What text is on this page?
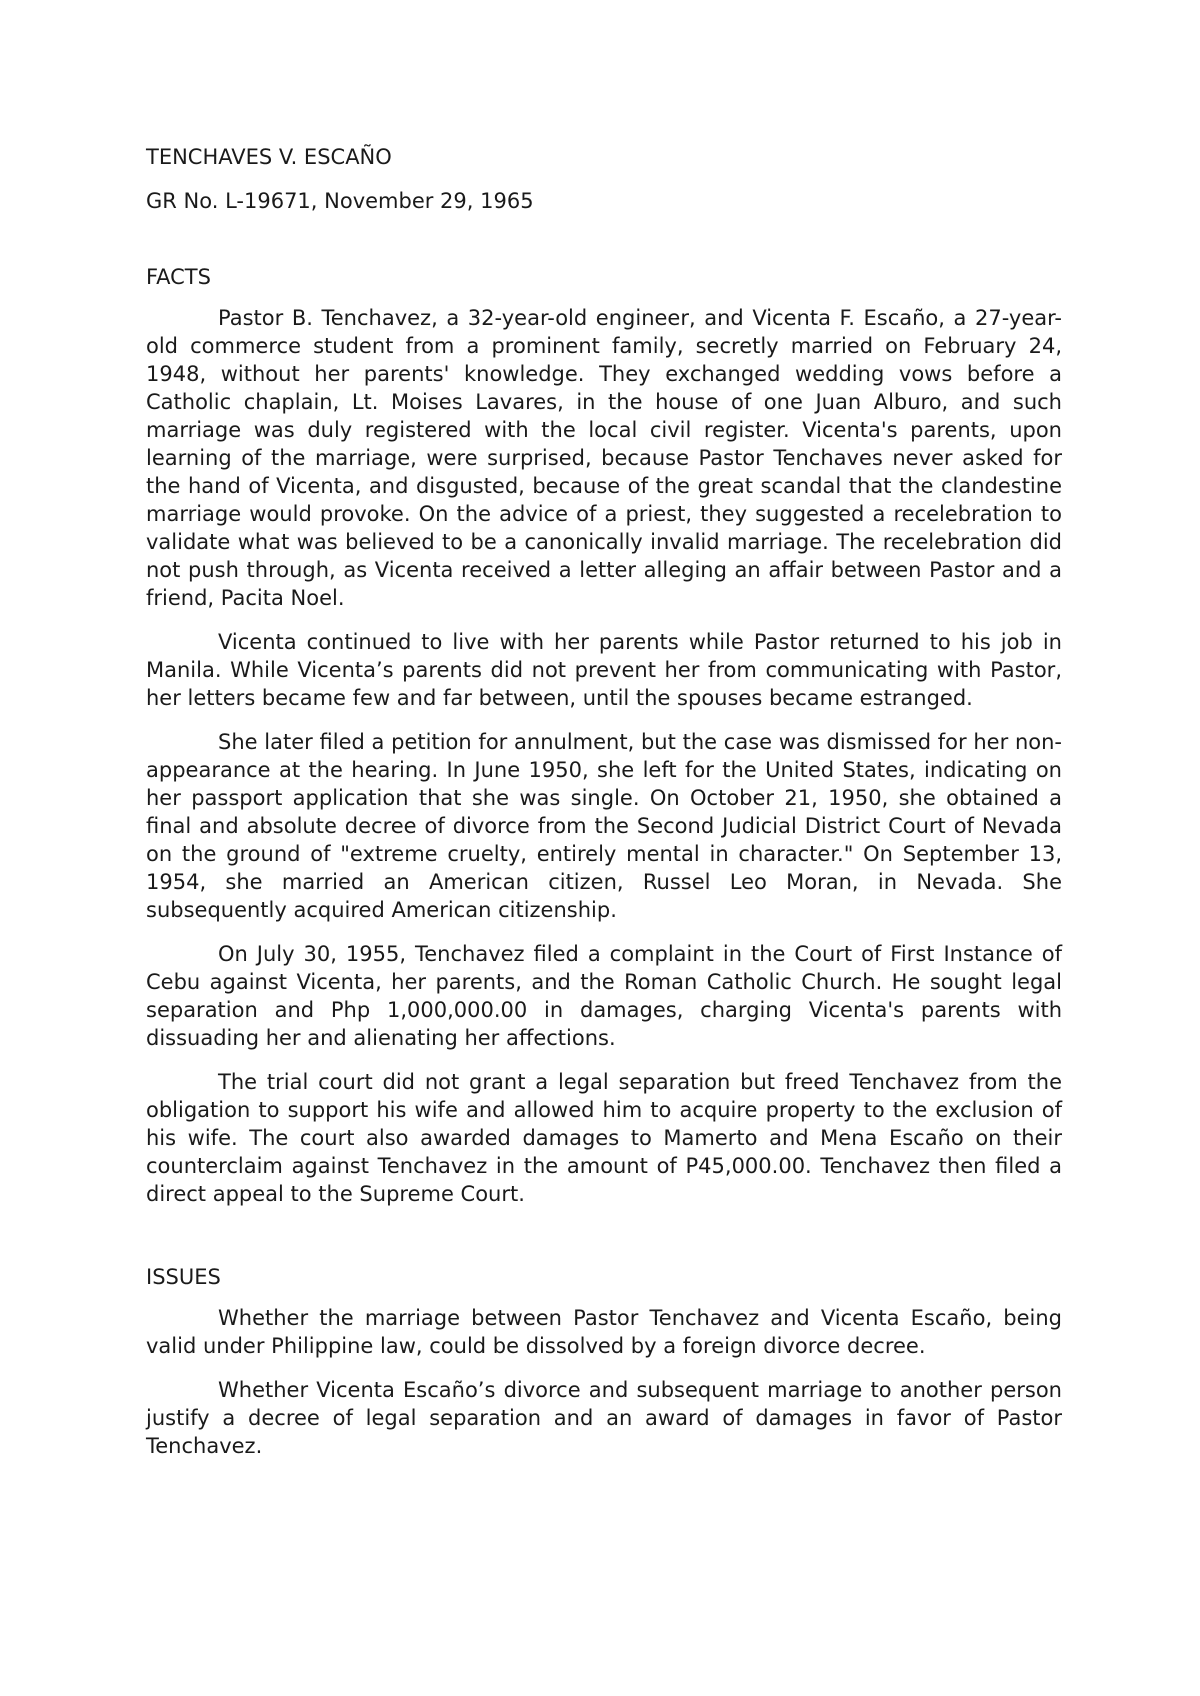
TENCHAVES V. ESCAÑO
GR No. L-19671, November 29, 1965
FACTS

Pastor B. Tenchavez, a 32-year-old engineer, and Vicenta F. Escaño, a 27-year-old commerce student from a prominent family, secretly married on February 24, 1948, without her parents' knowledge. They exchanged wedding vows before a Catholic chaplain, Lt. Moises Lavares, in the house of one Juan Alburo, and such marriage was duly registered with the local civil register. Vicenta's parents, upon learning of the marriage, were surprised, because Pastor Tenchaves never asked for the hand of Vicenta, and disgusted, because of the great scandal that the clandestine marriage would provoke. On the advice of a priest, they suggested a recelebration to validate what was believed to be a canonically invalid marriage. The recelebration did not push through, as Vicenta received a letter alleging an affair between Pastor and a friend, Pacita Noel.

Vicenta continued to live with her parents while Pastor returned to his job in Manila. While Vicenta’s parents did not prevent her from communicating with Pastor, her letters became few and far between, until the spouses became estranged.

She later filed a petition for annulment, but the case was dismissed for her non-appearance at the hearing. In June 1950, she left for the United States, indicating on her passport application that she was single. On October 21, 1950, she obtained a final and absolute decree of divorce from the Second Judicial District Court of Nevada on the ground of "extreme cruelty, entirely mental in character." On September 13, 1954, she married an American citizen, Russel Leo Moran, in Nevada. She subsequently acquired American citizenship.

On July 30, 1955, Tenchavez filed a complaint in the Court of First Instance of Cebu against Vicenta, her parents, and the Roman Catholic Church. He sought legal separation and Php 1,000,000.00 in damages, charging Vicenta's parents with dissuading her and alienating her affections.

The trial court did not grant a legal separation but freed Tenchavez from the obligation to support his wife and allowed him to acquire property to the exclusion of his wife. The court also awarded damages to Mamerto and Mena Escaño on their counterclaim against Tenchavez in the amount of P45,000.00. Tenchavez then filed a direct appeal to the Supreme Court.

ISSUES

Whether the marriage between Pastor Tenchavez and Vicenta Escaño, being valid under Philippine law, could be dissolved by a foreign divorce decree.

Whether Vicenta Escaño’s divorce and subsequent marriage to another person justify a decree of legal separation and an award of damages in favor of Pastor Tenchavez.
